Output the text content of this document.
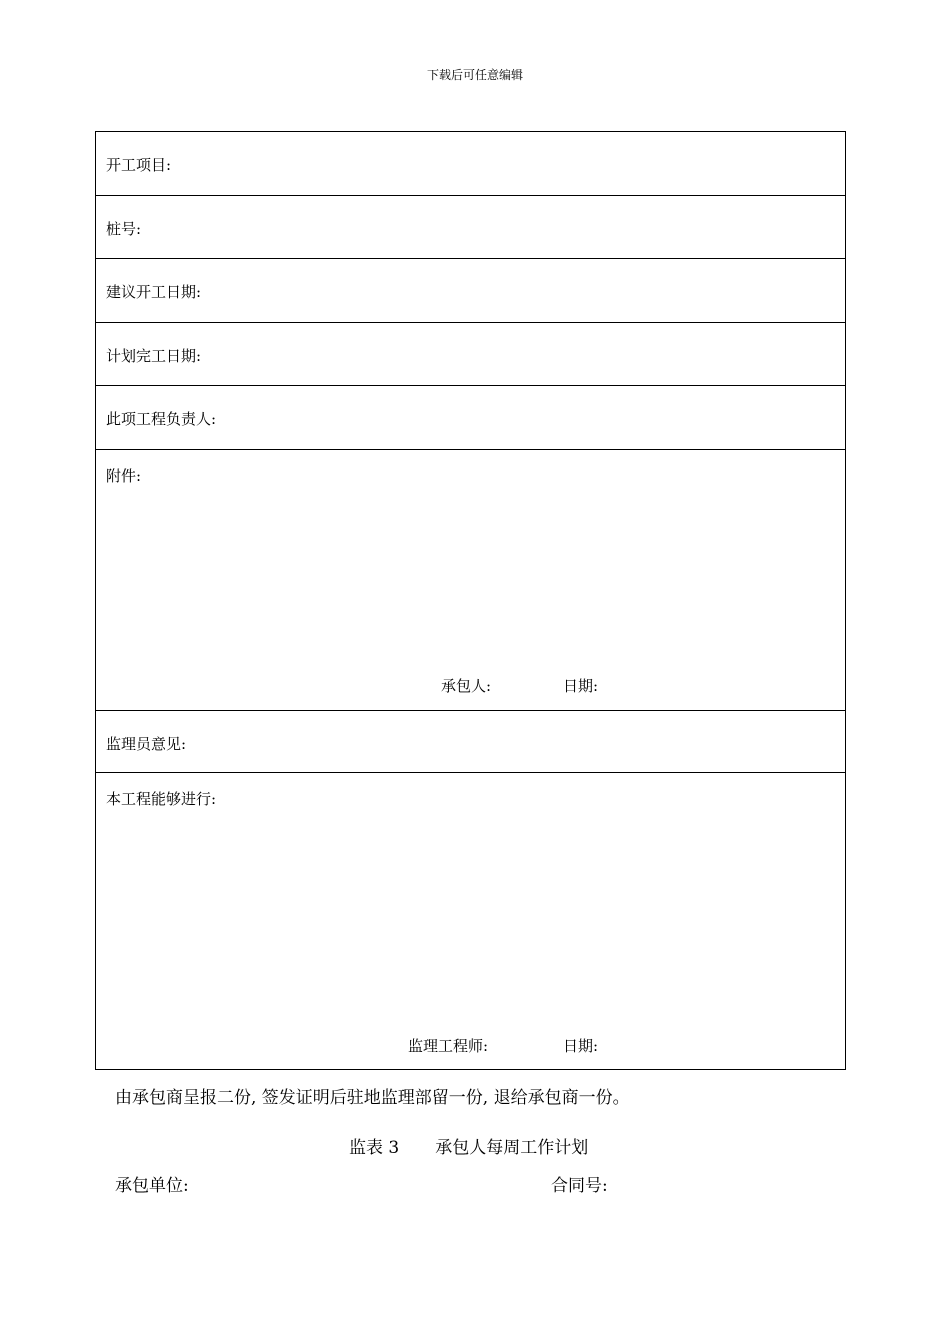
下载后可任意编辑
开工项目:
桩号:
建议开工日期:
计划完工日期:
此项工程负责人:
附件:
承包人:	日期:
监理员意见:
本工程能够进行:
监理工程师:	日期:
由承包商呈报二份, 签发证明后驻地监理部留一份, 退给承包商一份。
监表 3 承包人每周工作计划
承包单位:	合同号:
